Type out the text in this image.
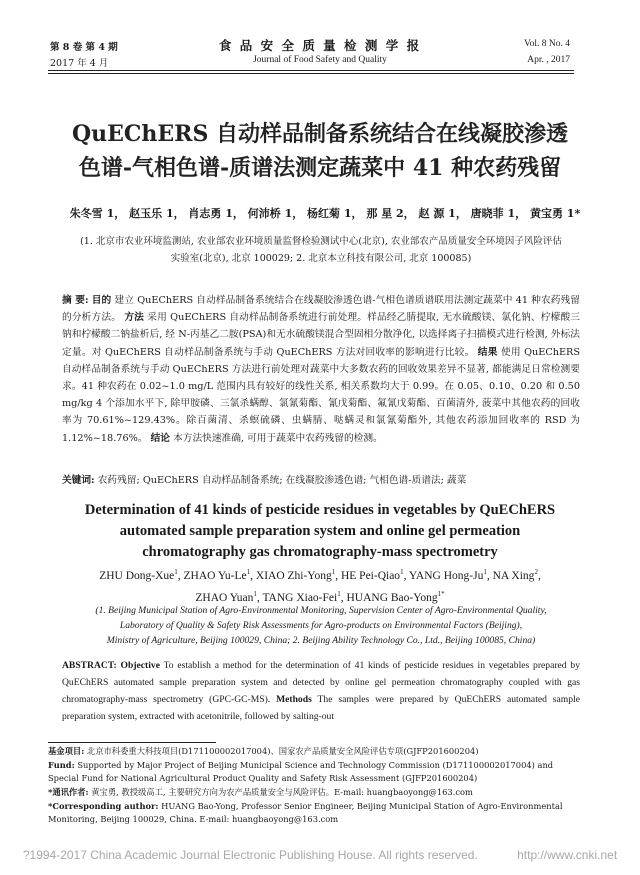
第 8 卷 第 4 期
2017 年 4 月
食 品 安 全 质 量 检 测 学 报
Journal of Food Safety and Quality
Vol. 8 No. 4
Apr. , 2017
QuEChERS 自动样品制备系统结合在线凝胶渗透
色谱-气相色谱-质谱法测定蔬菜中 41 种农药残留
朱冬雪 1， 赵玉乐 1， 肖志勇 1， 何沛桥 1， 杨红菊 1， 那 星 2， 赵 源 1， 唐晓菲 1， 黄宝勇 1*
(1. 北京市农业环境监测站, 农业部农业环境质量监督检验测试中心(北京), 农业部农产品质量安全环境因子风险评估
实验室(北京), 北京 100029; 2. 北京本立科技有限公司, 北京 100085)
摘 要: 目的 建立 QuEChERS 自动样品制备系统结合在线凝胶渗透色谱-气相色谱质谱联用法测定蔬菜中 41 种农药残留的分析方法。 方法 采用 QuEChERS 自动样品制备系统进行前处理。样品经乙腈提取, 无水硫酸镁、氯化钠、柠檬酸三钠和柠檬酸二钠盐析后, 经 N-丙基乙二胺(PSA)和无水硫酸镁混合型固相分散净化, 以选择离子扫描模式进行检测, 外标法定量。对 QuEChERS 自动样品制备系统与手动 QuEChERS 方法对回收率的影响进行比较。 结果 使用 QuEChERS 自动样品制备系统与手动 QuEChERS 方法进行前处理对蔬菜中大多数农药的回收效果差异不显著, 都能满足日常检测要求。41 种农药在 0.02~1.0 mg/L 范围内具有较好的线性关系, 相关系数均大于 0.99。在 0.05、0.10、0.20 和 0.50 mg/kg 4 个添加水平下, 除甲胺磷、三氯杀螨醇、氯氰菊酯、氰戊菊酯、氟氰戊菊酯、百菌清外, 菠菜中其他农药的回收率为 70.61%~129.43%。除百菌清、杀螟硫磷、虫螨腈、哒螨灵和氯氰菊酯外, 其他农药添加回收率的 RSD 为 1.12%~18.76%。 结论 本方法快速准确, 可用于蔬菜中农药残留的检测。
关键词: 农药残留; QuEChERS 自动样品制备系统; 在线凝胶渗透色谱; 气相色谱-质谱法; 蔬菜
Determination of 41 kinds of pesticide residues in vegetables by QuEChERS
automated sample preparation system and online gel permeation
chromatography gas chromatography-mass spectrometry
ZHU Dong-Xue$^1$, ZHAO Yu-Le$^1$, XIAO Zhi-Yong$^1$, HE Pei-Qiao$^1$, YANG Hong-Ju$^1$, NA Xing$^2$,
ZHAO Yuan$^1$, TANG Xiao-Fei$^1$, HUANG Bao-Yong$^{1*}$
(1. Beijing Municipal Station of Agro-Environmental Monitoring, Supervision Center of Agro-Environmental Quality,
Laboratory of Quality & Safety Risk Assessments for Agro-products on Environmental Factors (Beijing),
Ministry of Agriculture, Beijing 100029, China; 2. Beijing Ability Technology Co., Ltd., Beijing 100085, China)
ABSTRACT: Objective To establish a method for the determination of 41 kinds of pesticide residues in vegetables prepared by QuEChERS automated sample preparation system and detected by online gel permeation chromatography coupled with gas chromatography-mass spectrometry (GPC-GC-MS). Methods The samples were prepared by QuEChERS automated sample preparation system, extracted with acetonitrile, followed by salting-out
基金项目: 北京市科委重大科技项目(D171100002017004)、国家农产品质量安全风险评估专项(GJFP201600204)
Fund: Supported by Major Project of Beijing Municipal Science and Technology Commission (D171100002017004) and Special Fund for National Agricultural Product Quality and Safety Risk Assessment (GJFP201600204)
*通讯作者: 黄宝勇, 教授级高工, 主要研究方向为农产品质量安全与风险评估。E-mail: huangbaoyong@163.com
*Corresponding author: HUANG Bao-Yong, Professor Senior Engineer, Beijing Municipal Station of Agro-Environmental Monitoring, Beijing 100029, China. E-mail: huangbaoyong@163.com
?1994-2017 China Academic Journal Electronic Publishing House. All rights reserved.	http://www.cnki.net
